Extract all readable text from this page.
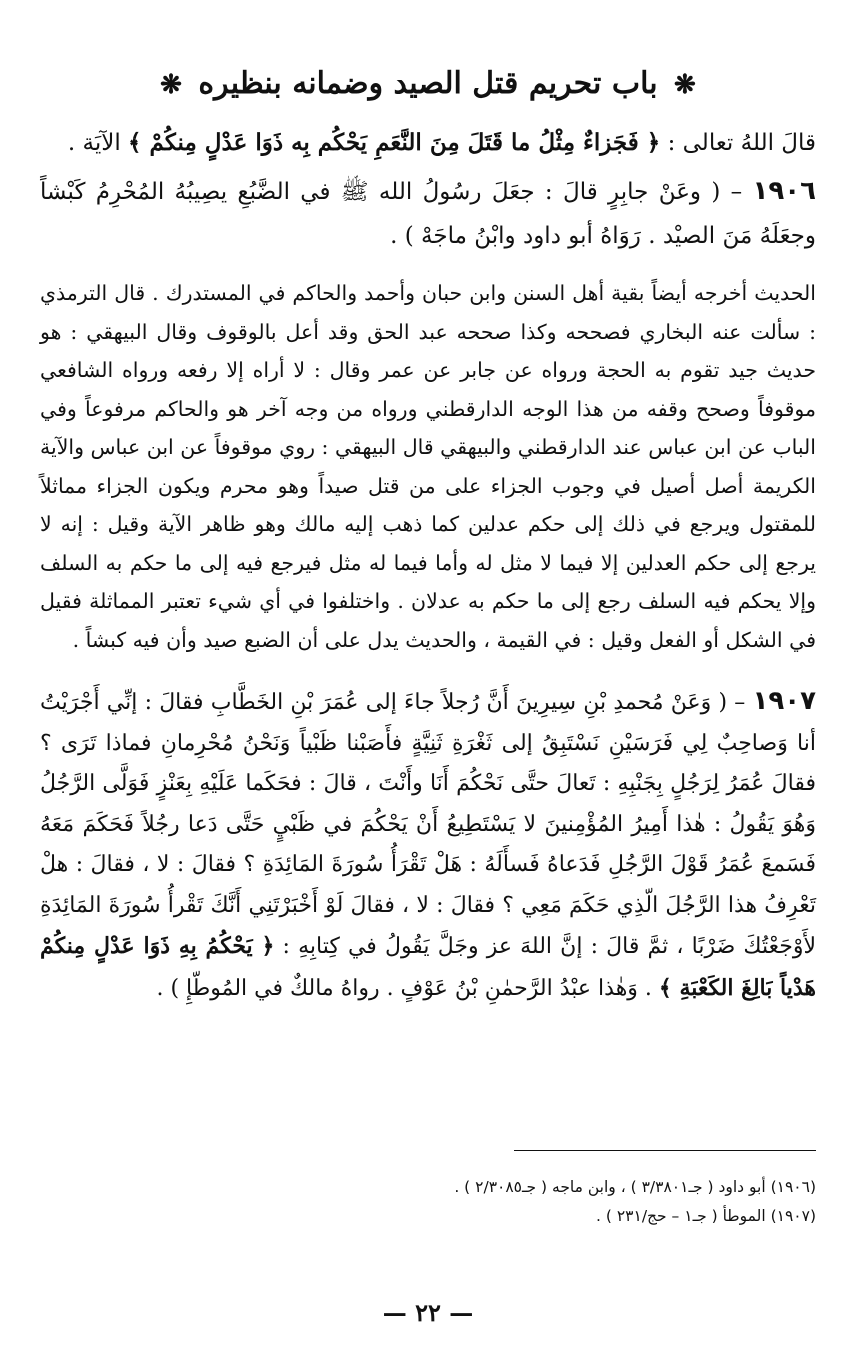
❋ باب تحريم قتل الصيد وضمانه بنظيره ❋

قالَ اللهُ تعالى : ﴿ فَجَزاءٌ مِثْلُ ما قَتَلَ مِنَ النَّعَمِ يَحْكُم بِه ذَوَا عَدْلٍ مِنكُمْ ﴾ الآيَة .

١٩٠٦ – ( وعَنْ جابِرٍ قالَ : جعَلَ رسُولُ الله ﷺ في الضَّبُعِ يصِيبُهُ المُحْرِمُ كَبْشاً وجعَلَهُ مَنَ الصيْد . رَوَاهُ أبو داود وابْنُ ماجَهْ ) .

الحديث أخرجه أيضاً بقية أهل السنن وابن حبان وأحمد والحاكم في المستدرك . قال الترمذي : سألت عنه البخاري فصححه وكذا صححه عبد الحق وقد أعل بالوقوف وقال البيهقي : هو حديث جيد تقوم به الحجة ورواه عن جابر عن عمر وقال : لا أراه إلا رفعه ورواه الشافعي موقوفاً وصحح وقفه من هذا الوجه الدارقطني ورواه من وجه آخر هو والحاكم مرفوعاً وفي الباب عن ابن عباس عند الدارقطني والبيهقي قال البيهقي : روي موقوفاً عن ابن عباس والآية الكريمة أصل أصيل في وجوب الجزاء على من قتل صيداً وهو محرم ويكون الجزاء مماثلاً للمقتول ويرجع في ذلك إلى حكم عدلين كما ذهب إليه مالك وهو ظاهر الآية وقيل : إنه لا يرجع إلى حكم العدلين إلا فيما لا مثل له وأما فيما له مثل فيرجع فيه إلى ما حكم به السلف وإلا يحكم فيه السلف رجع إلى ما حكم به عدلان . واختلفوا في أي شيء تعتبر المماثلة فقيل في الشكل أو الفعل وقيل : في القيمة ، والحديث يدل على أن الضبع صيد وأن فيه كبشاً .

١٩٠٧ – ( وَعَنْ مُحمدِ بْنِ سِيرِينَ أَنَّ رُجلاً جاءَ إلى عُمَرَ بْنِ الخَطَّابِ فقالَ : إنِّي أَجْرَيْتُ أنا وَصاحِبٌ لِي فَرَسَيْنِ نَسْتَبِقُ إلى ثَغْرَةِ ثَنِيَّةٍ فأَصَبْنا ظَبْياً وَنَحْنُ مُحْرِمانِ فماذا تَرَى ؟ فقالَ عُمَرُ لِرَجُلٍ بِجَنْبِهِ : تَعالَ حتَّى نَحْكُمَ أَنَا وأَنْتَ ، قالَ : فحَكَما عَلَيْهِ بِعَنْزٍ فَوَلَّى الرَّجُلُ وَهُوَ يَقُولُ : هٰذا أَمِيرُ المُؤْمِنينَ لا يَسْتَطِيعُ أَنْ يَحْكُمَ في ظَبْيٍ حَتَّى دَعا رجُلاً فَحَكَمَ مَعَهُ فَسَمعَ عُمَرُ قَوْلَ الرَّجُلِ فَدَعاهُ فَسأَلَهُ : هَلْ تَقْرَأُ سُورَةَ المَائِدَةِ ؟ فقالَ : لا ، فقالَ : هلْ تَعْرِفُ هذا الرَّجُلَ الّذِي حَكَمَ مَعِي ؟ فقالَ : لا ، فقالَ لَوْ أَخْبَرْتَنِي أَنَّكَ تَقْرأُ سُورَةَ المَائِدَةِ لأَوْجَعْتُكَ ضَرْبًا ، ثمَّ قالَ : إنَّ اللهَ عز وجَلَّ يَقُولُ في كِتابِهِ : ﴿ يَحْكُمُ بِهِ ذَوَا عَدْلٍ مِنكُمْ هَدْياً بَالِغَ الكَعْبَةِ ﴾ . وَهٰذا عبْدُ الرَّحمٰنِ بْنُ عَوْفٍ . رواهُ مالكٌ في المُوطّإِ ) .

(١٩٠٦) أبو داود ( جـ٣/٣٨٠١ ) ، وابن ماجه ( جـ٢/٣٠٨٥ ) .
(١٩٠٧) الموطأ ( جـ١ – حج/٢٣١ ) .
— ٢٢ —
